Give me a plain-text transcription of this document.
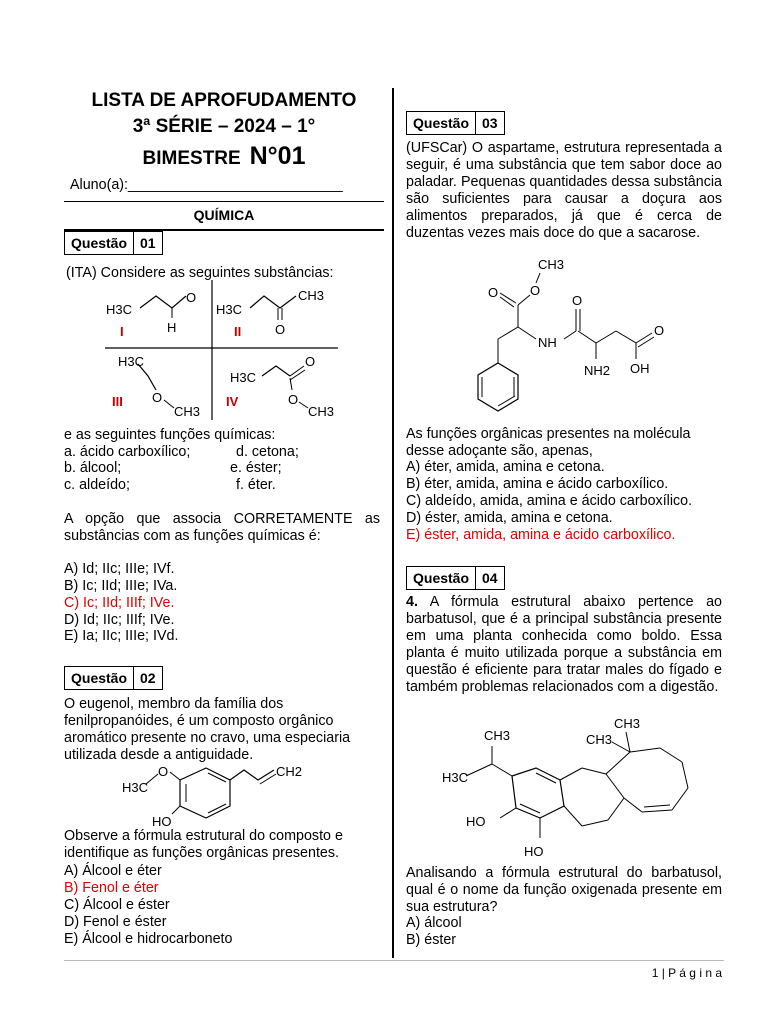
LISTA DE APROFUDAMENTO
3ª SÉRIE – 2024 – 1°
BIMESTRE N°01
Aluno(a):___________________________
QUÍMICA
Questão 01
(ITA) Considere as seguintes substâncias:
H3C
H
O
I
H3C
CH3
O
II
H3C
O
CH3
III
H3C
O
O
CH3
IV
e as seguintes funções químicas:
a. ácido carboxílico;	d. cetona;
b. álcool;	e. éster;
c. aldeído;	f. éter.
A opção que associa CORRETAMENTE as substâncias com as funções químicas é:
A) Id; IIc; IIIe; IVf.
B) Ic; IId; IIIe; IVa.
C) Ic; IId; IIIf; IVe.
D) Id; IIc; IIIf; IVe.
E) Ia; IIc; IIIe; IVd.
Questão 02
O eugenol, membro da família dos fenilpropanóides, é um composto orgânico aromático presente no cravo, uma especiaria utilizada desde a antiguidade.
H3C
O
HO
CH2
Observe a fórmula estrutural do composto e identifique as funções orgânicas presentes.
A) Álcool e éter
B) Fenol e éter
C) Álcool e éster
D) Fenol e éster
E) Álcool e hidrocarboneto
Questão 03
(UFSCar) O aspartame, estrutura representada a seguir, é uma substância que tem sabor doce ao paladar. Pequenas quantidades dessa substância são suficientes para causar a doçura aos alimentos preparados, já que é cerca de duzentas vezes mais doce do que a sacarose.
CH3
O
O
NH
O
NH2
O
OH
As funções orgânicas presentes na molécula desse adoçante são, apenas,
A) éter, amida, amina e cetona.
B) éter, amida, amina e ácido carboxílico.
C) aldeído, amida, amina e ácido carboxílico.
D) éster, amida, amina e cetona.
E) éster, amida, amina e ácido carboxílico.
Questão 04
4. A fórmula estrutural abaixo pertence ao barbatusol, que é a principal substância presente em uma planta conhecida como boldo. Essa planta é muito utilizada porque a substância em questão é eficiente para tratar males do fígado e também problemas relacionados com a digestão.
CH3
CH3
CH3
H3C
HO
HO
Analisando a fórmula estrutural do barbatusol, qual é o nome da função oxigenada presente em sua estrutura?
A) álcool
B) éster
1 | P á g i n a
